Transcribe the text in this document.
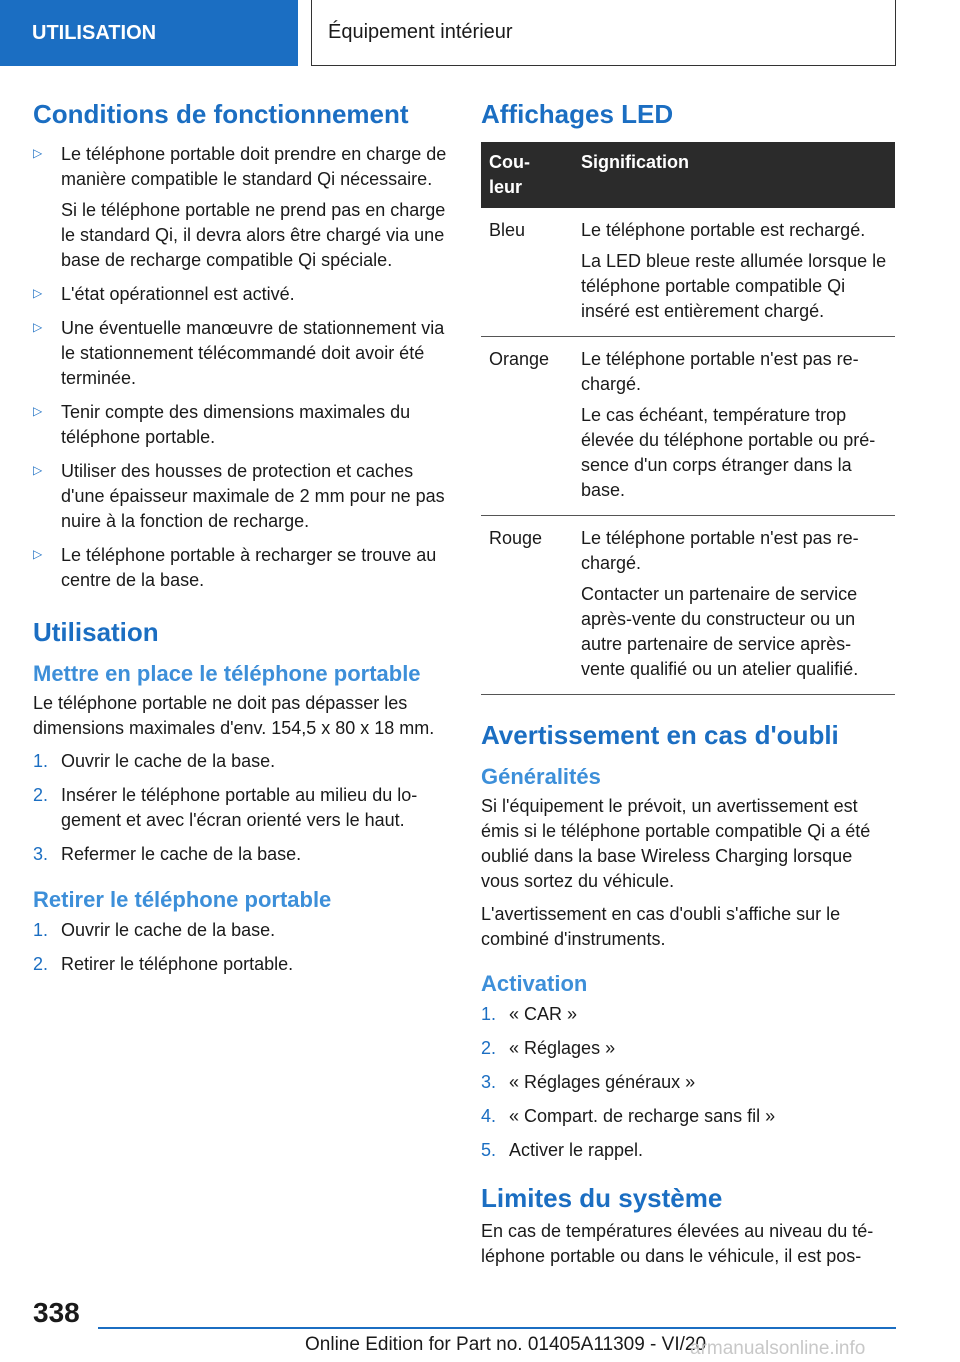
UTILISATION	Équipement intérieur
Conditions de fonctionnement
▷ Le téléphone portable doit prendre en charge de manière compatible le standard Qi nécessaire.

Si le téléphone portable ne prend pas en charge le standard Qi, il devra alors être chargé via une base de recharge compatible Qi spéciale.

▷ L'état opérationnel est activé.

▷ Une éventuelle manœuvre de stationnement via le stationnement télécommandé doit avoir été terminée.

▷ Tenir compte des dimensions maximales du téléphone portable.

▷ Utiliser des housses de protection et caches d'une épaisseur maximale de 2 mm pour ne pas nuire à la fonction de recharge.

▷ Le téléphone portable à recharger se trouve au centre de la base.

Utilisation
Mettre en place le téléphone portable

Le téléphone portable ne doit pas dépasser les dimensions maximales d'env. 154,5 x 80 x 18 mm.

1. Ouvrir le cache de la base.

2. Insérer le téléphone portable au milieu du logement et avec l'écran orienté vers le haut.

3. Refermer le cache de la base.

Retirer le téléphone portable
1. Ouvrir le cache de la base.

2. Retirer le téléphone portable.

Affichages LED
Cou-
leur	Signification
Bleu	Le téléphone portable est rechargé.

La LED bleue reste allumée lorsque le téléphone portable compatible Qi inséré est entièrement chargé.

Orange	Le téléphone portable n'est pas rechargé.

Le cas échéant, température trop élevée du téléphone portable ou présence d'un corps étranger dans la base.

Rouge	Le téléphone portable n'est pas rechargé.

Contacter un partenaire de service après-vente du constructeur ou un autre partenaire de service après-vente qualifié ou un atelier qualifié.

Avertissement en cas d'oubli
Généralités

Si l'équipement le prévoit, un avertissement est émis si le téléphone portable compatible Qi a été oublié dans la base Wireless Charging lorsque vous sortez du véhicule.

L'avertissement en cas d'oubli s'affiche sur le combiné d'instruments.

Activation
1. « CAR »

2. « Réglages »

3. « Réglages généraux »

4. « Compart. de recharge sans fil »

5. Activer le rappel.

Limites du système

En cas de températures élevées au niveau du téléphone portable ou dans le véhicule, il est pos-

338
Online Edition for Part no. 01405A11309 - VI/20
armanualsonline.info
